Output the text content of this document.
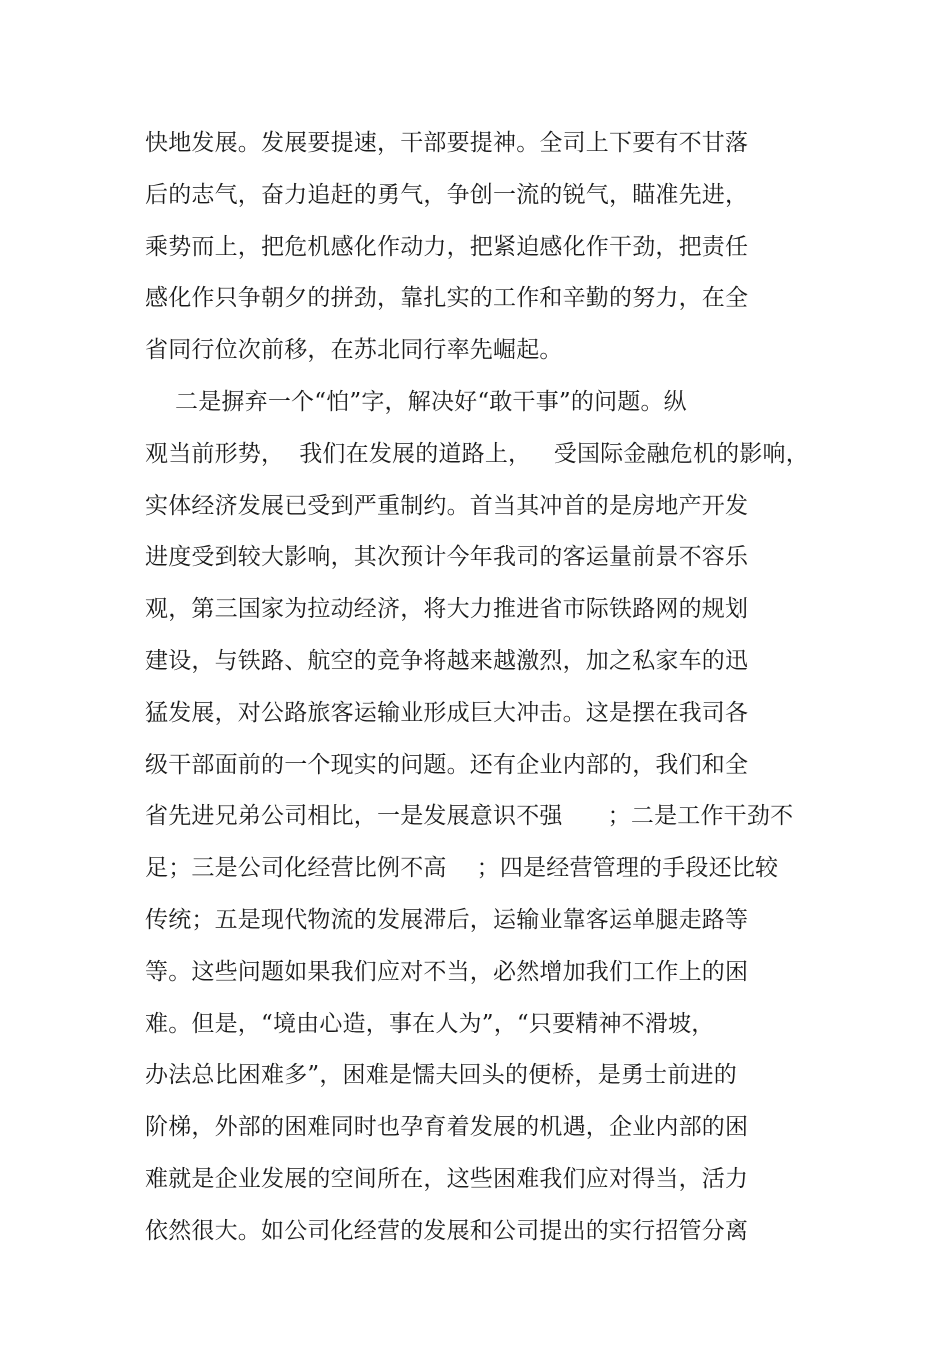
快地发展。发展要提速，干部要提神。全司上下要有不甘落
后的志气，奋力追赶的勇气，争创一流的锐气，瞄准先进，
乘势而上，把危机感化作动力，把紧迫感化作干劲，把责任
感化作只争朝夕的拼劲，靠扎实的工作和辛勤的努力，在全
省同行位次前移，在苏北同行率先崛起。
二是摒弃一个“怕”字，解决好“敢干事”的问题。纵
观当前形势，  我们在发展的道路上，   受国际金融危机的影响，
实体经济发展已受到严重制约。首当其冲首的是房地产开发
进度受到较大影响，其次预计今年我司的客运量前景不容乐
观，第三国家为拉动经济，将大力推进省市际铁路网的规划
建设，与铁路、航空的竞争将越来越激烈，加之私家车的迅
猛发展，对公路旅客运输业形成巨大冲击。这是摆在我司各
级干部面前的一个现实的问题。还有企业内部的，我们和全
省先进兄弟公司相比，一是发展意识不强      ；二是工作干劲不
足；三是公司化经营比例不高    ；四是经营管理的手段还比较
传统；五是现代物流的发展滞后，运输业靠客运单腿走路等
等。这些问题如果我们应对不当，必然增加我们工作上的困
难。但是，“境由心造，事在人为”，“只要精神不滑坡，
办法总比困难多”，困难是懦夫回头的便桥，是勇士前进的
阶梯，外部的困难同时也孕育着发展的机遇，企业内部的困
难就是企业发展的空间所在，这些困难我们应对得当，活力
依然很大。如公司化经营的发展和公司提出的实行招管分离
